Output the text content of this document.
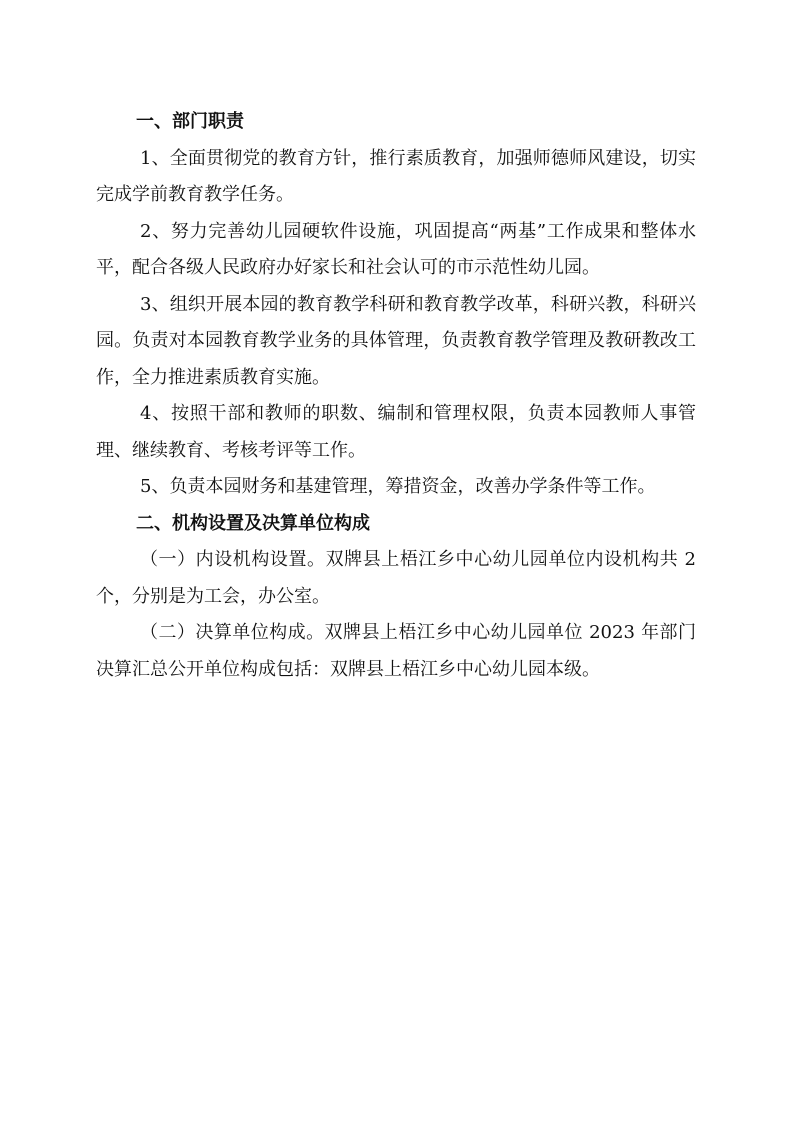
一、部门职责

1、全面贯彻党的教育方针，推行素质教育，加强师德师风建设，切实完成学前教育教学任务。

2、努力完善幼儿园硬软件设施，巩固提高“两基”工作成果和整体水平，配合各级人民政府办好家长和社会认可的市示范性幼儿园。

3、组织开展本园的教育教学科研和教育教学改革，科研兴教，科研兴园。负责对本园教育教学业务的具体管理，负责教育教学管理及教研教改工作，全力推进素质教育实施。

4、按照干部和教师的职数、编制和管理权限，负责本园教师人事管理、继续教育、考核考评等工作。

5、负责本园财务和基建管理，筹措资金，改善办学条件等工作。

二、机构设置及决算单位构成

（一）内设机构设置。双牌县上梧江乡中心幼儿园单位内设机构共 2 个，分别是为工会，办公室。

（二）决算单位构成。双牌县上梧江乡中心幼儿园单位 2023 年部门决算汇总公开单位构成包括：双牌县上梧江乡中心幼儿园本级。
